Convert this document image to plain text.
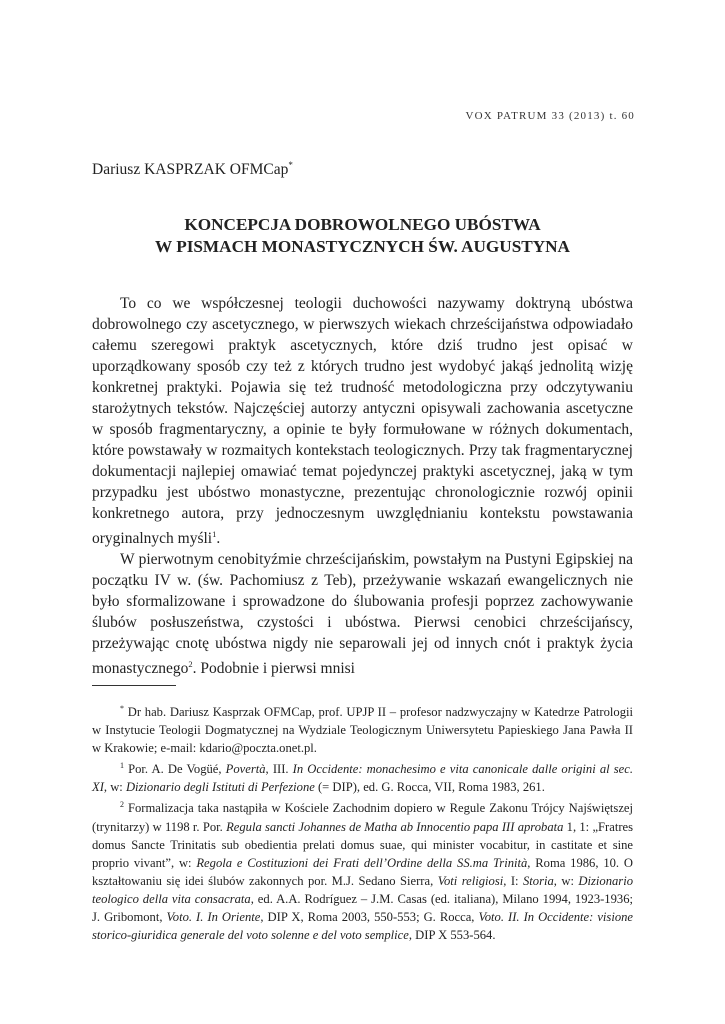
VOX PATRUM 33 (2013) t. 60
Dariusz KASPRZAK OFMCap*
KONCEPCJA DOBROWOLNEGO UBÓSTWA
W PISMACH MONASTYCZNYCH ŚW. AUGUSTYNA

To co we współczesnej teologii duchowości nazywamy doktryną ubóstwa dobrowolnego czy ascetycznego, w pierwszych wiekach chrześcijaństwa odpowiadało całemu szeregowi praktyk ascetycznych, które dziś trudno jest opisać w uporządkowany sposób czy też z których trudno jest wydobyć jakąś jednolitą wizję konkretnej praktyki. Pojawia się też trudność metodologiczna przy odczytywaniu starożytnych tekstów. Najczęściej autorzy antyczni opisywali zachowania ascetyczne w sposób fragmentaryczny, a opinie te były formułowane w różnych dokumentach, które powstawały w rozmaitych kontekstach teologicznych. Przy tak fragmentarycznej dokumentacji najlepiej omawiać temat pojedynczej praktyki ascetycznej, jaką w tym przypadku jest ubóstwo monastyczne, prezentując chronologicznie rozwój opinii konkretnego autora, przy jednoczesnym uwzględnianiu kontekstu powstawania oryginalnych myśli$^1$.

W pierwotnym cenobityźmie chrześcijańskim, powstałym na Pustyni Egipskiej na początku IV w. (św. Pachomiusz z Teb), przeżywanie wskazań ewangelicznych nie było sformalizowane i sprowadzone do ślubowania profesji poprzez zachowywanie ślubów posłuszeństwa, czystości i ubóstwa. Pierwsi cenobici chrześcijańscy, przeżywając cnotę ubóstwa nigdy nie separowali jej od innych cnót i praktyk życia monastycznego$^2$. Podobnie i pierwsi mnisi

* Dr hab. Dariusz Kasprzak OFMCap, prof. UPJP II – profesor nadzwyczajny w Katedrze Patrologii w Instytucie Teologii Dogmatycznej na Wydziale Teologicznym Uniwersytetu Papieskiego Jana Pawła II w Krakowie; e-mail: kdario@poczta.onet.pl.

$^1$ Por. A. De Vogüé, Povertà, III. In Occidente: monachesimo e vita canonicale dalle origini al sec. XI, w: Dizionario degli Istituti di Perfezione (= DIP), ed. G. Rocca, VII, Roma 1983, 261.

$^2$ Formalizacja taka nastąpiła w Kościele Zachodnim dopiero w Regule Zakonu Trójcy Najświętszej (trynitarzy) w 1198 r. Por. Regula sancti Johannes de Matha ab Innocentio papa III aprobata 1, 1: „Fratres domus Sancte Trinitatis sub obedientia prelati domus suae, qui minister vocabitur, in castitate et sine proprio vivant”, w: Regola e Costituzioni dei Frati dell’Ordine della SS.ma Trinità, Roma 1986, 10. O kształtowaniu się idei ślubów zakonnych por. M.J. Sedano Sierra, Voti religiosi, I: Storia, w: Dizionario teologico della vita consacrata, ed. A.A. Rodríguez – J.M. Casas (ed. italiana), Milano 1994, 1923-1936; J. Gribomont, Voto. I. In Oriente, DIP X, Roma 2003, 550-553; G. Rocca, Voto. II. In Occidente: visione storico-giuridica generale del voto solenne e del voto semplice, DIP X 553-564.
